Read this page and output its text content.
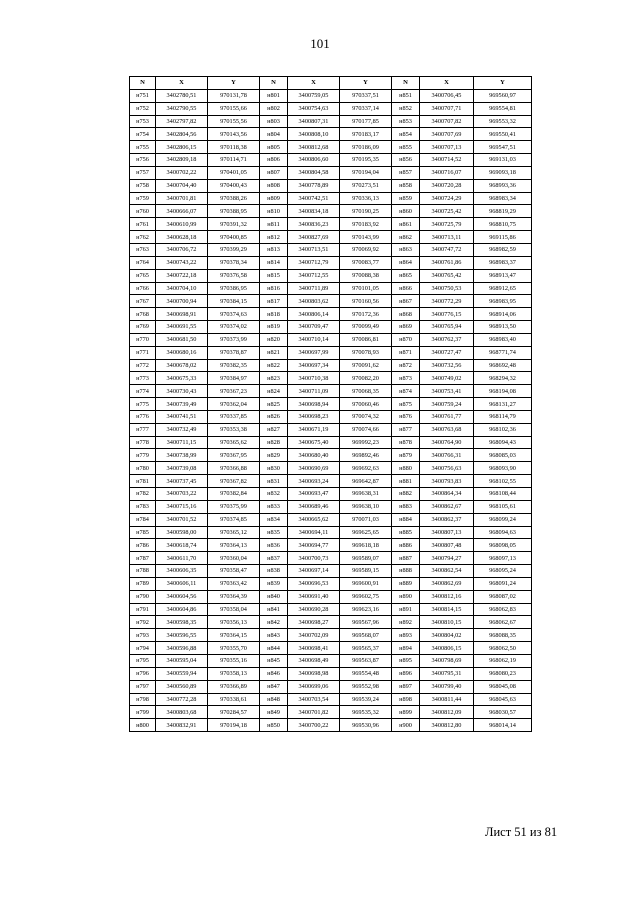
101
N	X	Y	N	X	Y	N	X	Y
н751	3402780,51	970131,78	н801	3400759,05	970337,51	н851	3400706,45	969560,97
н752	3402790,55	970155,66	н802	3400754,63	970337,14	н852	3400707,71	969554,81
н753	3402797,82	970155,56	н803	3400807,31	970177,85	н853	3400707,82	969553,32
н754	3402804,56	970143,56	н804	3400808,10	970183,17	н854	3400707,69	969550,41
н755	3402806,15	970118,38	н805	3400812,68	970186,09	н855	3400707,13	969547,51
н756	3402809,18	970114,71	н806	3400806,60	970195,35	н856	3400714,52	969131,03
н757	3400702,22	970401,05	н807	3400804,58	970194,04	н857	3400716,07	969093,18
н758	3400704,40	970400,43	н808	3400778,89	970273,51	н858	3400720,28	968993,36
н759	3400701,81	970388,26	н809	3400742,51	970336,13	н859	3400724,29	968983,34
н760	3400666,07	970388,95	н810	3400834,18	970190,25	н860	3400725,42	968819,29
н761	3400610,99	970391,32	н811	3400836,23	970183,92	н861	3400725,79	968810,75
н762	3400628,18	970400,85	н812	3400827,69	970143,99	н862	3400713,11	969115,86
н763	3400706,72	970399,29	н813	3400713,51	970069,92	н863	3400747,72	968982,59
н764	3400743,22	970378,34	н814	3400712,79	970083,77	н864	3400761,86	968983,37
н765	3400722,18	970376,58	н815	3400712,55	970088,38	н865	3400765,42	968913,47
н766	3400704,10	970386,95	н816	3400711,89	970101,05	н866	3400750,53	968912,65
н767	3400700,94	970384,15	н817	3400803,62	970160,56	н867	3400772,29	968983,95
н768	3400698,91	970374,63	н818	3400806,14	970172,36	н868	3400776,15	968914,06
н769	3400691,55	970374,02	н819	3400709,47	970099,49	н869	3400765,94	968913,50
н770	3400681,50	970373,99	н820	3400710,14	970086,81	н870	3400762,37	968983,40
н771	3400680,16	970378,87	н821	3400697,99	970078,93	н871	3400727,47	968771,74
н772	3400678,02	970382,35	н822	3400697,34	970091,62	н872	3400732,56	968692,48
н773	3400675,33	970384,97	н823	3400710,38	970082,20	н873	3400749,02	968294,32
н774	3400730,43	970367,23	н824	3400711,09	970068,35	н874	3400753,41	968194,08
н775	3400739,49	970362,04	н825	3400698,94	970060,46	н875	3400759,24	968131,27
н776	3400741,51	970337,85	н826	3400698,23	970074,32	н876	3400761,77	968114,79
н777	3400732,49	970353,38	н827	3400671,19	970074,66	н877	3400763,68	968102,36
н778	3400711,15	970365,62	н828	3400675,40	969992,23	н878	3400764,90	968094,43
н779	3400738,99	970367,95	н829	3400680,40	969892,46	н879	3400766,31	968085,03
н780	3400739,08	970366,88	н830	3400690,69	969692,63	н880	3400756,63	968093,90
н781	3400737,45	970367,82	н831	3400693,24	969642,87	н881	3400793,83	968102,55
н782	3400703,22	970382,84	н832	3400693,47	969638,31	н882	3400864,34	968108,44
н783	3400715,16	970375,99	н833	3400689,46	969638,10	н883	3400862,67	968105,61
н784	3400701,52	970374,85	н834	3400665,62	970071,03	н884	3400862,37	968099,24
н785	3400598,00	970365,12	н835	3400694,11	969625,65	н885	3400807,13	968094,63
н786	3400618,74	970364,13	н836	3400694,77	969618,18	н886	3400807,48	968098,05
н787	3400611,70	970360,04	н837	3400700,73	969589,07	н887	3400794,27	968097,13
н788	3400606,35	970358,47	н838	3400697,14	969589,15	н888	3400862,54	968095,24
н789	3400606,11	970363,42	н839	3400696,53	969600,91	н889	3400862,69	968091,24
н790	3400604,56	970364,39	н840	3400691,40	969602,75	н890	3400812,16	968087,02
н791	3400604,86	970358,04	н841	3400690,28	969623,16	н891	3400814,15	968062,83
н792	3400598,35	970356,13	н842	3400698,27	969567,96	н892	3400810,15	968062,67
н793	3400596,55	970364,15	н843	3400702,09	969568,07	н893	3400804,02	968088,35
н794	3400596,88	970355,70	н844	3400698,41	969565,37	н894	3400806,15	968062,50
н795	3400595,04	970355,16	н845	3400698,49	969563,87	н895	3400798,69	968062,19
н796	3400559,94	970358,13	н846	3400698,98	969554,48	н896	3400795,31	968080,23
н797	3400560,89	970366,89	н847	3400699,06	969552,98	н897	3400799,40	968045,08
н798	3400772,28	970338,61	н848	3400703,54	969539,24	н898	3400811,44	968045,63
н799	3400803,68	970284,57	н849	3400701,82	969535,32	н899	3400812,09	968030,57
н800	3400832,91	970194,18	н850	3400700,22	969530,96	н900	3400812,80	968014,14
Лист 51 из 81
